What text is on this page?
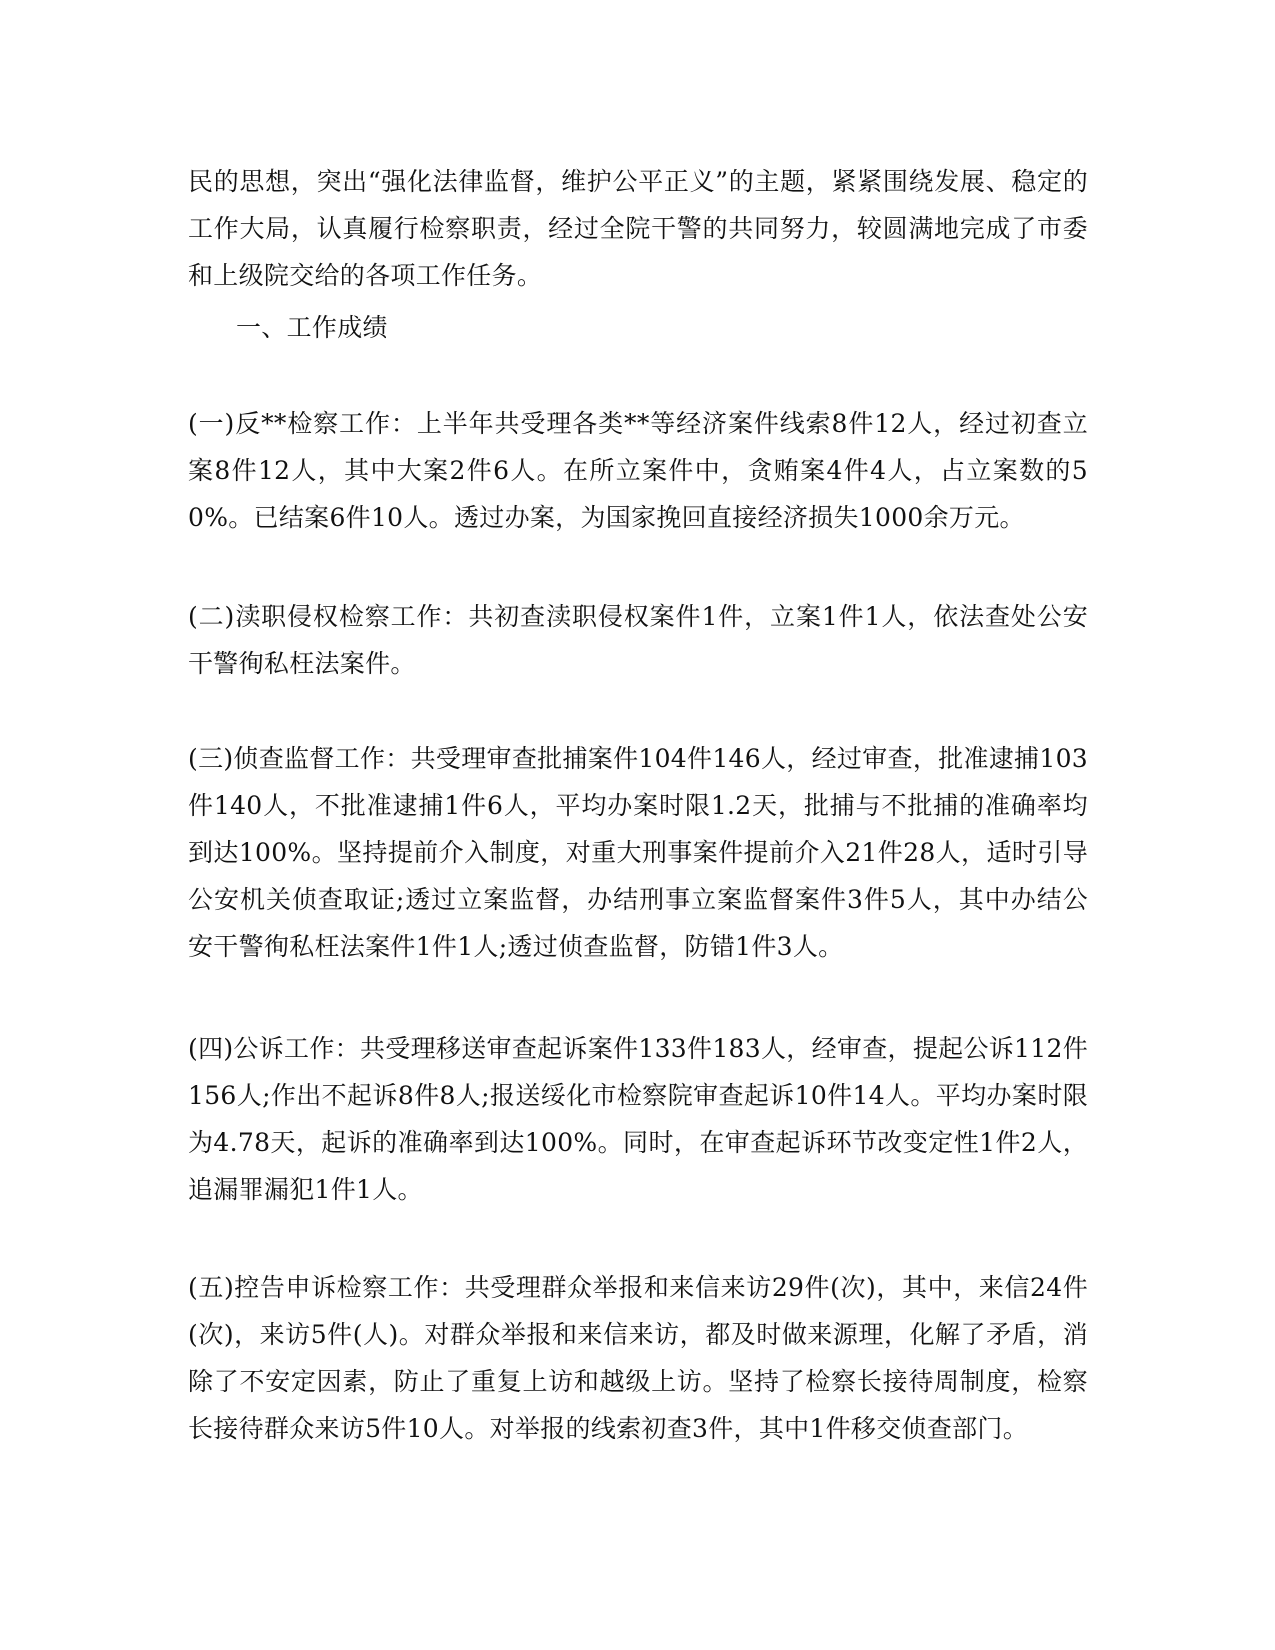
民的思想，突出“强化法律监督，维护公平正义”的主题，紧紧围绕发展、稳定的工作大局，认真履行检察职责，经过全院干警的共同努力，较圆满地完成了市委和上级院交给的各项工作任务。

一、工作成绩

(一)反**检察工作：上半年共受理各类**等经济案件线索8件12人，经过初查立案8件12人，其中大案2件6人。在所立案件中，贪贿案4件4人，占立案数的50%。已结案6件10人。透过办案，为国家挽回直接经济损失1000余万元。

(二)渎职侵权检察工作：共初查渎职侵权案件1件，立案1件1人，依法查处公安干警徇私枉法案件。

(三)侦查监督工作：共受理审查批捕案件104件146人，经过审查，批准逮捕103件140人，不批准逮捕1件6人，平均办案时限1.2天，批捕与不批捕的准确率均到达100%。坚持提前介入制度，对重大刑事案件提前介入21件28人，适时引导公安机关侦查取证;透过立案监督，办结刑事立案监督案件3件5人，其中办结公安干警徇私枉法案件1件1人;透过侦查监督，防错1件3人。

(四)公诉工作：共受理移送审查起诉案件133件183人，经审查，提起公诉112件156人;作出不起诉8件8人;报送绥化市检察院审查起诉10件14人。平均办案时限为4.78天，起诉的准确率到达100%。同时，在审查起诉环节改变定性1件2人，追漏罪漏犯1件1人。

(五)控告申诉检察工作：共受理群众举报和来信来访29件(次)，其中，来信24件(次)，来访5件(人)。对群众举报和来信来访，都及时做来源理，化解了矛盾，消除了不安定因素，防止了重复上访和越级上访。坚持了检察长接待周制度，检察长接待群众来访5件10人。对举报的线索初查3件，其中1件移交侦查部门。
